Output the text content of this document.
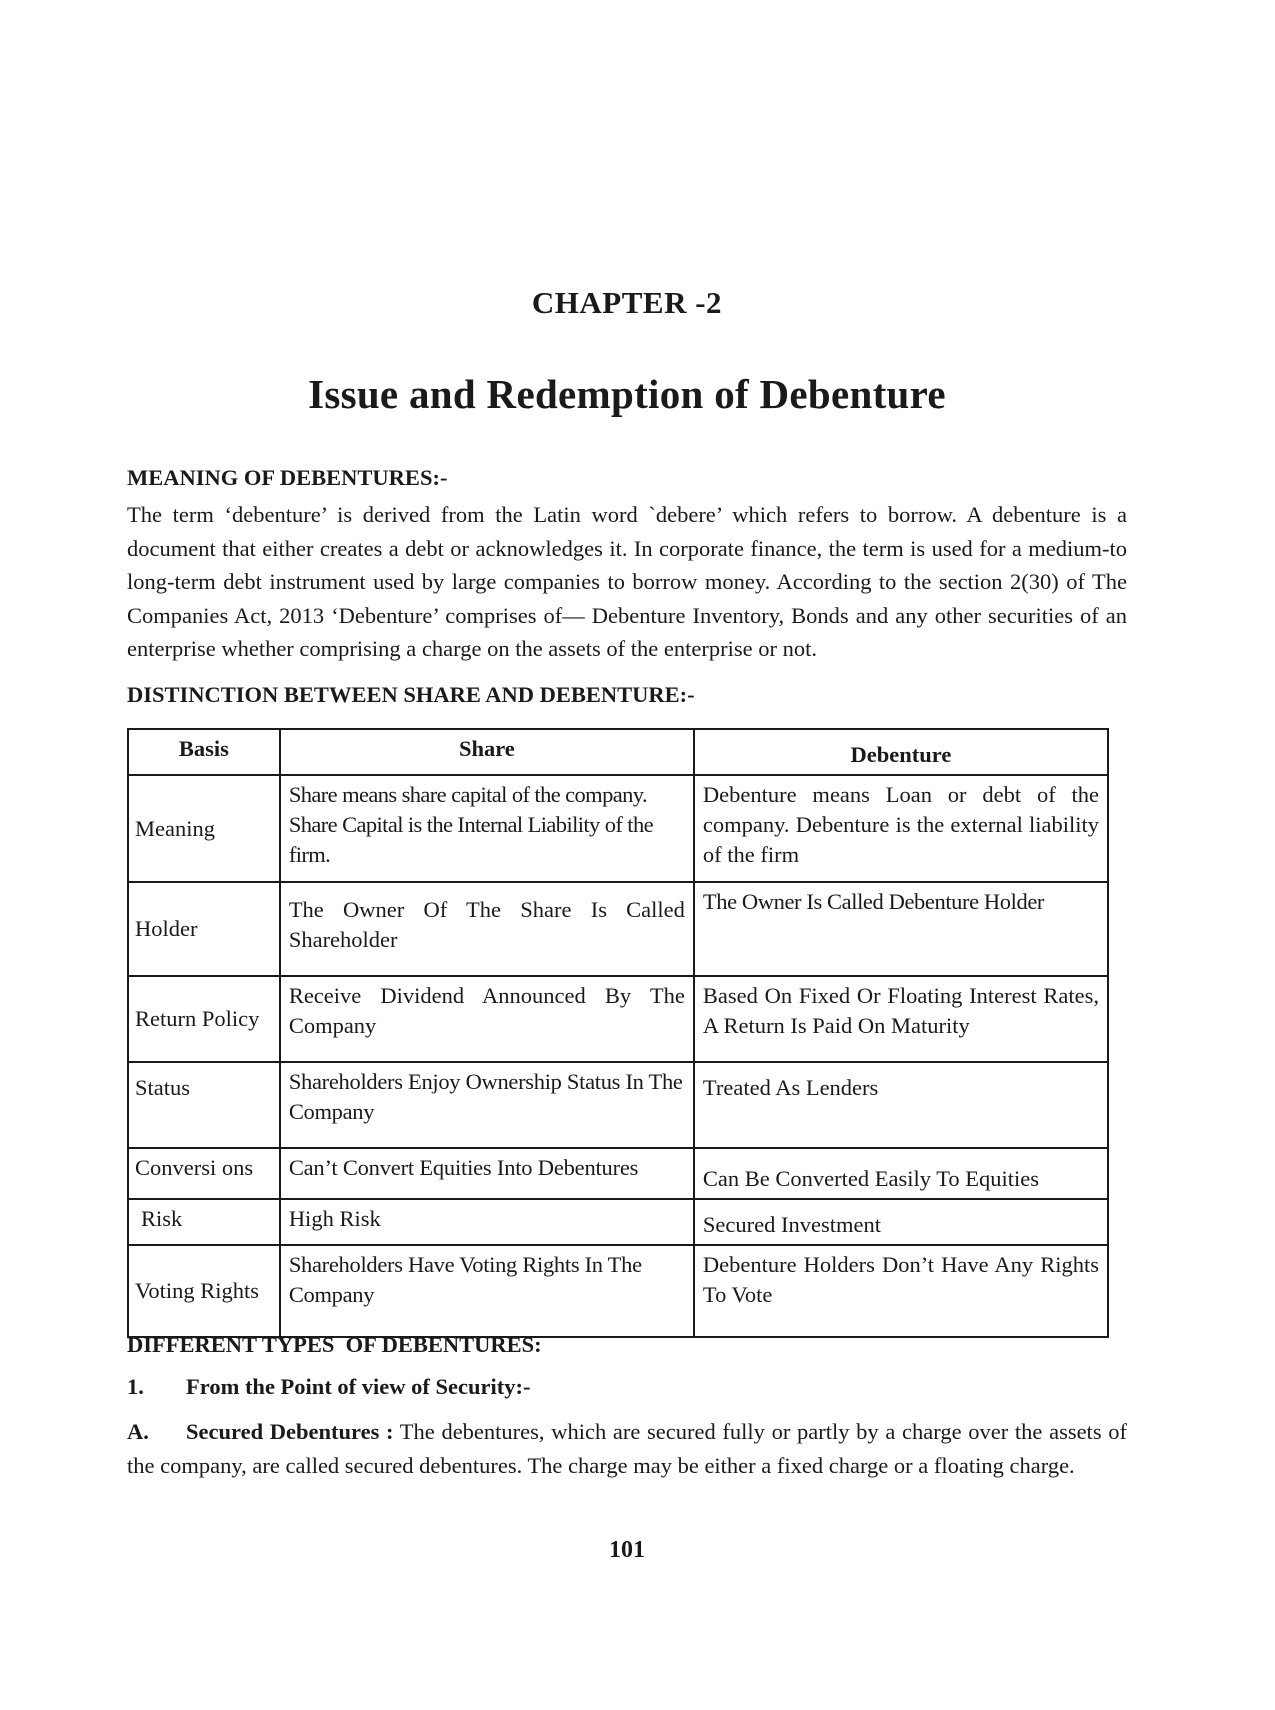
CHAPTER -2
Issue and Redemption of Debenture
MEANING OF DEBENTURES:-
The term ‘debenture’ is derived from the Latin word `debere’ which refers to borrow. A debenture is a document that either creates a debt or acknowledges it. In corporate finance, the term is used for a medium-to long-term debt instrument used by large companies to borrow money. According to the section 2(30) of The Companies Act, 2013 ‘Debenture’ comprises of— Debenture Inventory, Bonds and any other securities of an enterprise whether comprising a charge on the assets of the enterprise or not.
DISTINCTION BETWEEN SHARE AND DEBENTURE:-
Basis	Share	Debenture
Meaning	Share means share capital of the company. Share Capital is the Internal Liability of the firm.	Debenture means Loan or debt of the company. Debenture is the external liability of the firm
Holder	The Owner Of The Share Is Called Shareholder	The Owner Is Called Debenture Holder
Return Policy	Receive Dividend Announced By The Company	Based On Fixed Or Floating Interest Rates, A Return Is Paid On Maturity
Status	Shareholders Enjoy Ownership Status In The Company	Treated As Lenders
Conversi ons	Can’t Convert Equities Into Debentures	Can Be Converted Easily To Equities
Risk	High Risk	Secured Investment
Voting Rights	Shareholders Have Voting Rights In The Company	Debenture Holders Don’t Have Any Rights To Vote
DIFFERENT TYPES  OF DEBENTURES:
1. From the Point of view of Security:-
A. Secured Debentures : The debentures, which are secured fully or partly by a charge over the assets of the company, are called secured debentures. The charge may be either a fixed charge or a floating charge.
101
